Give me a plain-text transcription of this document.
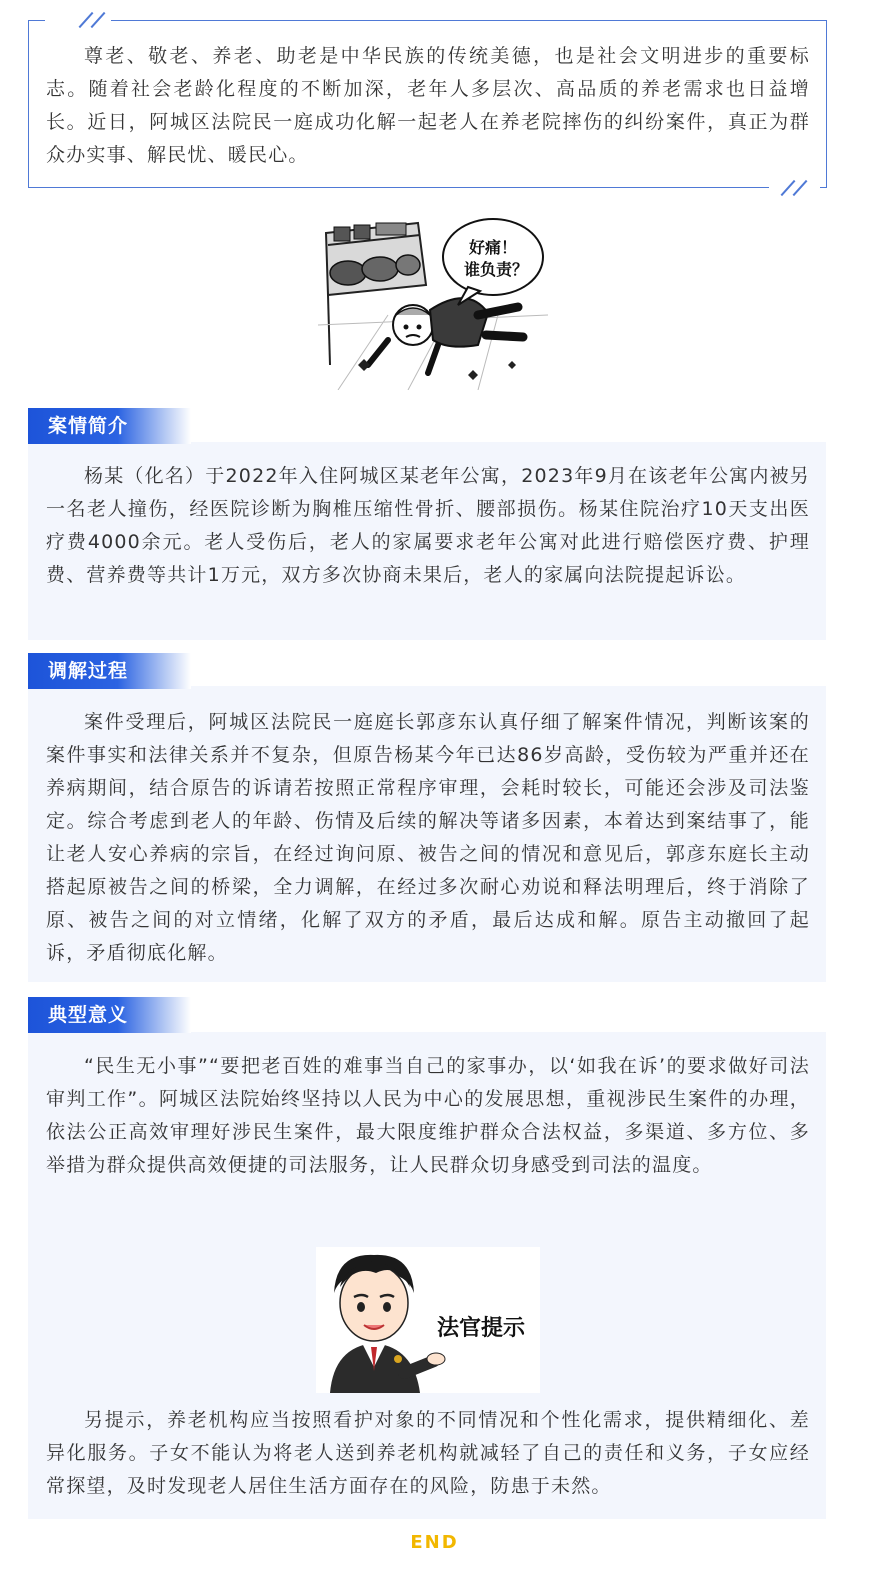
尊老、敬老、养老、助老是中华民族的传统美德，也是社会文明进步的重要标志。随着社会老龄化程度的不断加深，老年人多层次、高品质的养老需求也日益增长。近日，阿城区法院民一庭成功化解一起老人在养老院摔伤的纠纷案件，真正为群众办实事、解民忧、暖民心。

好痛！
谁负责？

杨某（化名）于2022年入住阿城区某老年公寓，2023年9月在该老年公寓内被另一名老人撞伤，经医院诊断为胸椎压缩性骨折、腰部损伤。杨某住院治疗10天支出医疗费4000余元。老人受伤后，老人的家属要求老年公寓对此进行赔偿医疗费、护理费、营养费等共计1万元，双方多次协商未果后，老人的家属向法院提起诉讼。

案情简介

案件受理后，阿城区法院民一庭庭长郭彦东认真仔细了解案件情况，判断该案的案件事实和法律关系并不复杂，但原告杨某今年已达86岁高龄，受伤较为严重并还在养病期间，结合原告的诉请若按照正常程序审理，会耗时较长，可能还会涉及司法鉴定。综合考虑到老人的年龄、伤情及后续的解决等诸多因素，本着达到案结事了，能让老人安心养病的宗旨，在经过询问原、被告之间的情况和意见后，郭彦东庭长主动搭起原被告之间的桥梁，全力调解，在经过多次耐心劝说和释法明理后，终于消除了原、被告之间的对立情绪，化解了双方的矛盾，最后达成和解。原告主动撤回了起诉，矛盾彻底化解。

调解过程

“民生无小事”“要把老百姓的难事当自己的家事办，以‘如我在诉’的要求做好司法审判工作”。阿城区法院始终坚持以人民为中心的发展思想，重视涉民生案件的办理，依法公正高效审理好涉民生案件，最大限度维护群众合法权益，多渠道、多方位、多举措为群众提供高效便捷的司法服务，让人民群众切身感受到司法的温度。

另提示，养老机构应当按照看护对象的不同情况和个性化需求，提供精细化、差异化服务。子女不能认为将老人送到养老机构就减轻了自己的责任和义务，子女应经常探望，及时发现老人居住生活方面存在的风险，防患于未然。

典型意义
法官提示
END
